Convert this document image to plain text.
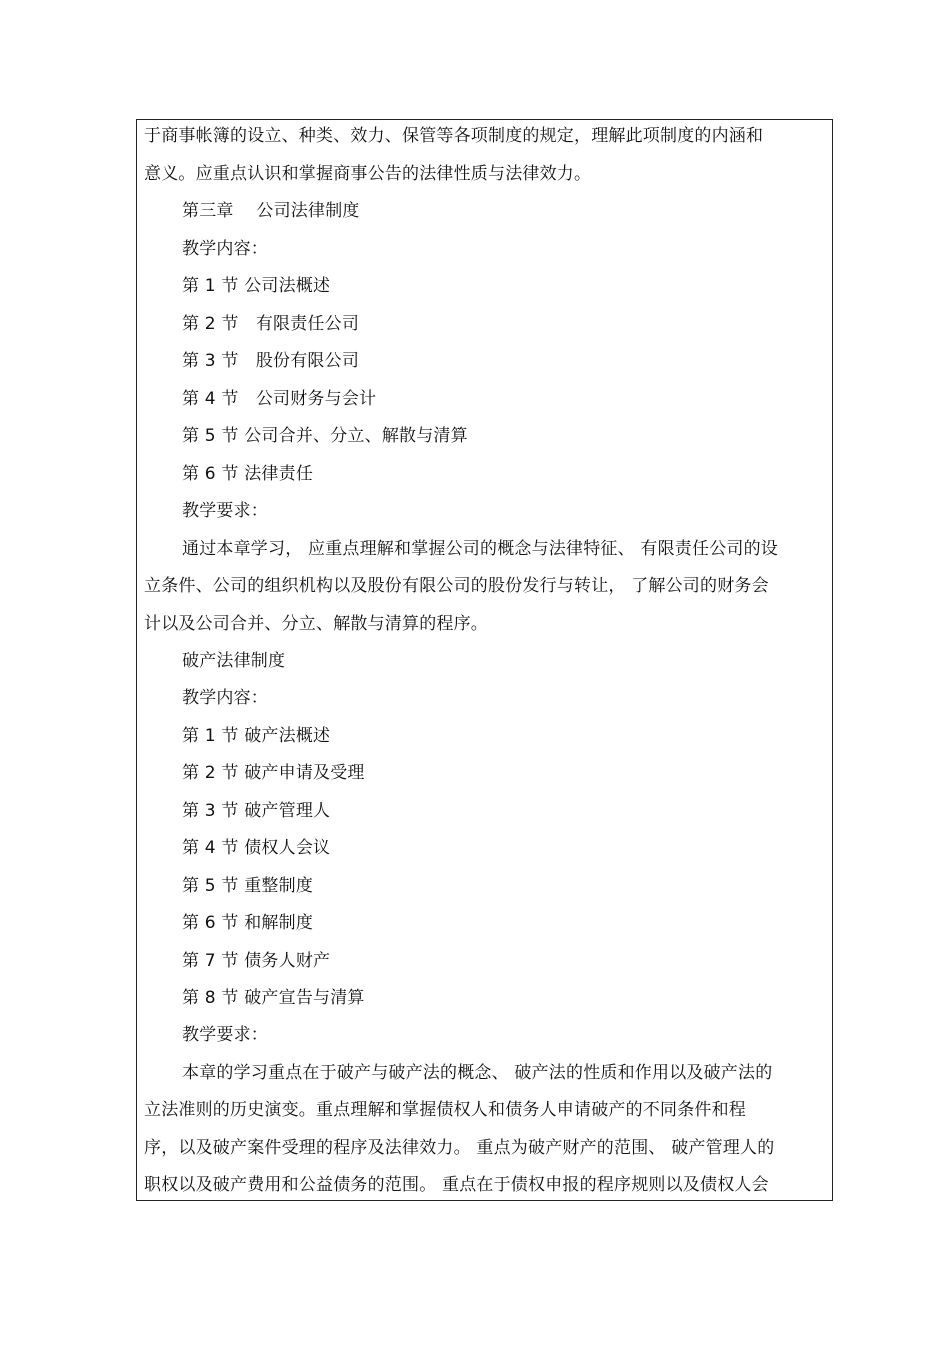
于商事帐簿的设立、种类、效力、保管等各项制度的规定，理解此项制度的内涵和
意义。应重点认识和掌握商事公告的法律性质与法律效力。
第三章　 公司法律制度
教学内容：
第 1 节 公司法概述
第 2 节　有限责任公司
第 3 节　股份有限公司
第 4 节　公司财务与会计
第 5 节 公司合并、分立、解散与清算
第 6 节 法律责任
教学要求：
通过本章学习， 应重点理解和掌握公司的概念与法律特征、 有限责任公司的设
立条件、公司的组织机构以及股份有限公司的股份发行与转让， 了解公司的财务会
计以及公司合并、分立、解散与清算的程序。
破产法律制度
教学内容：
第 1 节 破产法概述
第 2 节 破产申请及受理
第 3 节 破产管理人
第 4 节 债权人会议
第 5 节 重整制度
第 6 节 和解制度
第 7 节 债务人财产
第 8 节 破产宣告与清算
教学要求：
本章的学习重点在于破产与破产法的概念、 破产法的性质和作用以及破产法的
立法准则的历史演变。重点理解和掌握债权人和债务人申请破产的不同条件和程
序，以及破产案件受理的程序及法律效力。 重点为破产财产的范围、 破产管理人的
职权以及破产费用和公益债务的范围。 重点在于债权申报的程序规则以及债权人会
